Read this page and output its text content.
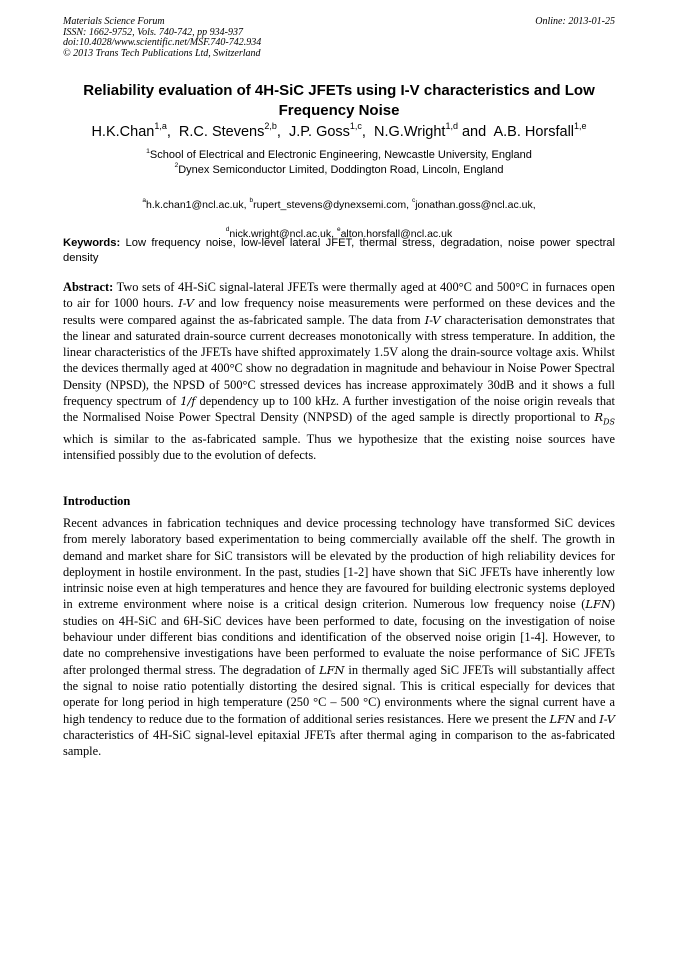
Materials Science Forum
ISSN: 1662-9752, Vols. 740-742, pp 934-937
doi:10.4028/www.scientific.net/MSF.740-742.934
© 2013 Trans Tech Publications Ltd, Switzerland
Online: 2013-01-25
Reliability evaluation of 4H-SiC JFETs using I-V characteristics and Low Frequency Noise
H.K.Chan$^{1,a}$,  R.C. Stevens$^{2,b}$,  J.P. Goss$^{1,c}$,  N.G.Wright$^{1,d}$ and  A.B. Horsfall$^{1,e}$
$^1$School of Electrical and Electronic Engineering, Newcastle University, England
$^2$Dynex Semiconductor Limited, Doddington Road, Lincoln, England

$^a$h.k.chan1@ncl.ac.uk, $^b$rupert_stevens@dynexsemi.com, $^c$jonathan.goss@ncl.ac.uk,

$^d$nick.wright@ncl.ac.uk, $^e$alton.horsfall@ncl.ac.uk
Keywords: Low frequency noise, low-level lateral JFET, thermal stress, degradation, noise power spectral density
Abstract: Two sets of 4H-SiC signal-lateral JFETs were thermally aged at 400°C and 500°C in furnaces open to air for 1000 hours. I-V and low frequency noise measurements were performed on these devices and the results were compared against the as-fabricated sample. The data from I-V characterisation demonstrates that the linear and saturated drain-source current decreases monotonically with stress temperature. In addition, the linear characteristics of the JFETs have shifted approximately 1.5V along the drain-source voltage axis. Whilst the devices thermally aged at 400°C show no degradation in magnitude and behaviour in Noise Power Spectral Density (NPSD), the NPSD of 500°C stressed devices has increase approximately 30dB and it shows a full frequency spectrum of 1/f dependency up to 100 kHz. A further investigation of the noise origin reveals that the Normalised Noise Power Spectral Density (NNPSD) of the aged sample is directly proportional to $R_{DS}$ which is similar to the as-fabricated sample. Thus we hypothesize that the existing noise sources have intensified possibly due to the evolution of defects.
Introduction
Recent advances in fabrication techniques and device processing technology have transformed SiC devices from merely laboratory based experimentation to being commercially available off the shelf. The growth in demand and market share for SiC transistors will be elevated by the production of high reliability devices for deployment in hostile environment. In the past, studies [1-2] have shown that SiC JFETs have inherently low intrinsic noise even at high temperatures and hence they are favoured for building electronic systems deployed in extreme environment where noise is a critical design criterion. Numerous low frequency noise (LFN) studies on 4H-SiC and 6H-SiC devices have been performed to date, focusing on the investigation of noise behaviour under different bias conditions and identification of the observed noise origin [1-4]. However, to date no comprehensive investigations have been performed to evaluate the noise performance of SiC JFETs after prolonged thermal stress. The degradation of LFN in thermally aged SiC JFETs will substantially affect the signal to noise ratio potentially distorting the desired signal. This is critical especially for devices that operate for long period in high temperature (250 °C – 500 °C) environments where the signal current have a high tendency to reduce due to the formation of additional series resistances. Here we present the LFN and I-V characteristics of 4H-SiC signal-level epitaxial JFETs after thermal aging in comparison to the as-fabricated sample.
